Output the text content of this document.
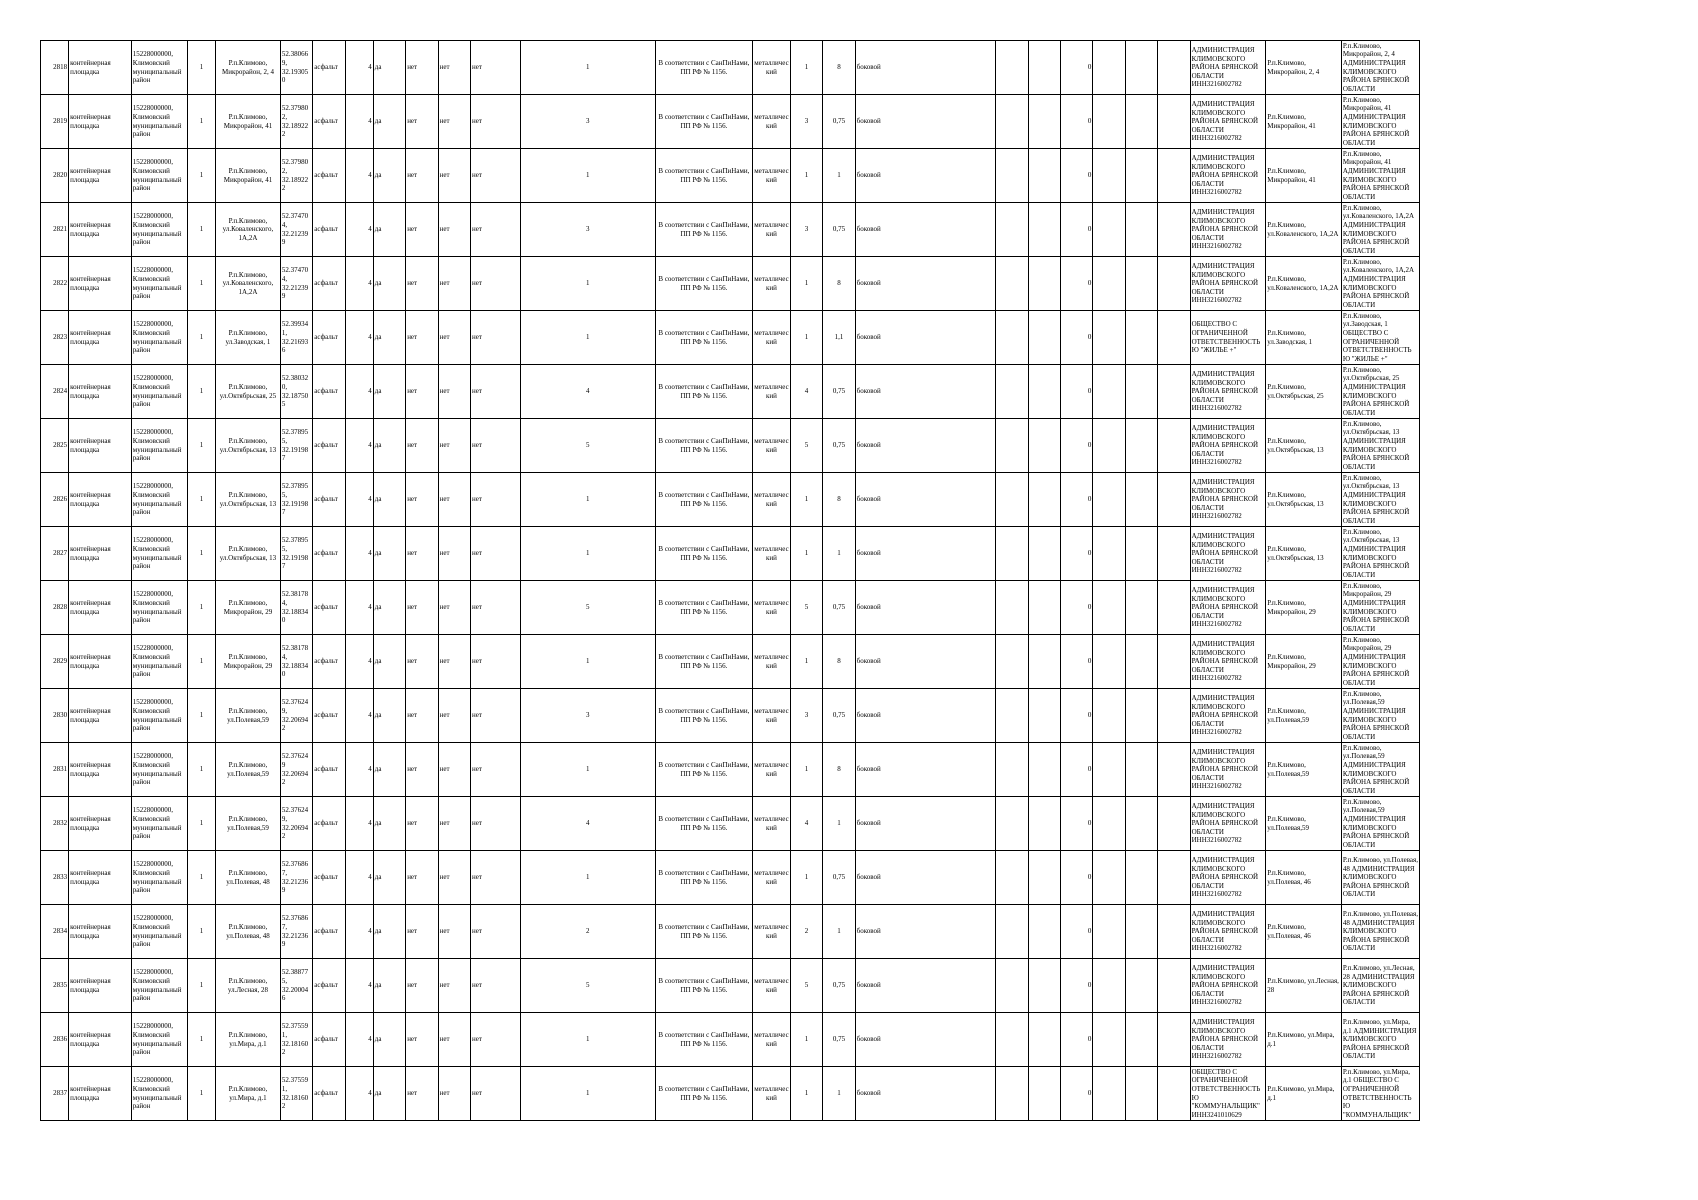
2818	контейнерная площадка	15228000000, Климовский муниципальный район	1	Р.п.Климово, Микрорайон, 2, 4	52.38066 9, 32.19305 0	асфальт	4	да	нет	нет	нет	1	В соответствии с СанПиНами, ПП РФ № 1156.	металлический	1	8	боковой			0				АДМИНИСТРАЦИЯ КЛИМОВСКОГО РАЙОНА БРЯНСКОЙ ОБЛАСТИ ИНН3216002782	Р.п.Климово, Микрорайон, 2, 4	Р.п.Климово, Микрорайон, 2, 4 АДМИНИСТРАЦИЯ КЛИМОВСКОГО РАЙОНА БРЯНСКОЙ ОБЛАСТИ
2819	контейнерная площадка	15228000000, Климовский муниципальный район	1	Р.п.Климово, Микрорайон, 41	52.37980 2, 32.18922 2	асфальт	4	да	нет	нет	нет	3	В соответствии с СанПиНами, ПП РФ № 1156.	металлический	3	0,75	боковой			0				АДМИНИСТРАЦИЯ КЛИМОВСКОГО РАЙОНА БРЯНСКОЙ ОБЛАСТИ ИНН3216002782	Р.п.Климово, Микрорайон, 41	Р.п.Климово, Микрорайон, 41 АДМИНИСТРАЦИЯ КЛИМОВСКОГО РАЙОНА БРЯНСКОЙ ОБЛАСТИ
2820	контейнерная площадка	15228000000, Климовский муниципальный район	1	Р.п.Климово, Микрорайон, 41	52.37980 2, 32.18922 2	асфальт	4	да	нет	нет	нет	1	В соответствии с СанПиНами, ПП РФ № 1156.	металлический	1	1	боковой			0				АДМИНИСТРАЦИЯ КЛИМОВСКОГО РАЙОНА БРЯНСКОЙ ОБЛАСТИ ИНН3216002782	Р.п.Климово, Микрорайон, 41	Р.п.Климово, Микрорайон, 41 АДМИНИСТРАЦИЯ КЛИМОВСКОГО РАЙОНА БРЯНСКОЙ ОБЛАСТИ
2821	контейнерная площадка	15228000000, Климовский муниципальный район	1	Р.п.Климово, ул.Коваленского, 1А,2А	52.37470 4, 32.21239 9	асфальт	4	да	нет	нет	нет	3	В соответствии с СанПиНами, ПП РФ № 1156.	металлический	3	0,75	боковой			0				АДМИНИСТРАЦИЯ КЛИМОВСКОГО РАЙОНА БРЯНСКОЙ ОБЛАСТИ ИНН3216002782	Р.п.Климово, ул.Коваленского, 1А,2А	Р.п.Климово, ул.Коваленского, 1А,2А АДМИНИСТРАЦИЯ КЛИМОВСКОГО РАЙОНА БРЯНСКОЙ ОБЛАСТИ
2822	контейнерная площадка	15228000000, Климовский муниципальный район	1	Р.п.Климово, ул.Коваленского, 1А,2А	52.37470 4, 32.21239 9	асфальт	4	да	нет	нет	нет	1	В соответствии с СанПиНами, ПП РФ № 1156.	металлический	1	8	боковой			0				АДМИНИСТРАЦИЯ КЛИМОВСКОГО РАЙОНА БРЯНСКОЙ ОБЛАСТИ ИНН3216002782	Р.п.Климово, ул.Коваленского, 1А,2А	Р.п.Климово, ул.Коваленского, 1А,2А АДМИНИСТРАЦИЯ КЛИМОВСКОГО РАЙОНА БРЯНСКОЙ ОБЛАСТИ
2823	контейнерная площадка	15228000000, Климовский муниципальный район	1	Р.п.Климово, ул.Заводская, 1	52.39934 1, 32.21693 6	асфальт	4	да	нет	нет	нет	1	В соответствии с СанПиНами, ПП РФ № 1156.	металлический	1	1,1	боковой			0				ОБЩЕСТВО С ОГРАНИЧЕННОЙ ОТВЕТСТВЕННОСТЬЮ "ЖИЛЬЕ +"	Р.п.Климово, ул.Заводская, 1	Р.п.Климово, ул.Заводская, 1 ОБЩЕСТВО С ОГРАНИЧЕННОЙ ОТВЕТСТВЕННОСТЬЮ "ЖИЛЬЕ +"
2824	контейнерная площадка	15228000000, Климовский муниципальный район	1	Р.п.Климово, ул.Октябрьская, 25	52.38032 0, 32.18750 5	асфальт	4	да	нет	нет	нет	4	В соответствии с СанПиНами, ПП РФ № 1156.	металлический	4	0,75	боковой			0				АДМИНИСТРАЦИЯ КЛИМОВСКОГО РАЙОНА БРЯНСКОЙ ОБЛАСТИ ИНН3216002782	Р.п.Климово, ул.Октябрьская, 25	Р.п.Климово, ул.Октябрьская, 25 АДМИНИСТРАЦИЯ КЛИМОВСКОГО РАЙОНА БРЯНСКОЙ ОБЛАСТИ
2825	контейнерная площадка	15228000000, Климовский муниципальный район	1	Р.п.Климово, ул.Октябрьская, 13	52.37895 5, 32.19198 7	асфальт	4	да	нет	нет	нет	5	В соответствии с СанПиНами, ПП РФ № 1156.	металлический	5	0,75	боковой			0				АДМИНИСТРАЦИЯ КЛИМОВСКОГО РАЙОНА БРЯНСКОЙ ОБЛАСТИ ИНН3216002782	Р.п.Климово, ул.Октябрьская, 13	Р.п.Климово, ул.Октябрьская, 13 АДМИНИСТРАЦИЯ КЛИМОВСКОГО РАЙОНА БРЯНСКОЙ ОБЛАСТИ
2826	контейнерная площадка	15228000000, Климовский муниципальный район	1	Р.п.Климово, ул.Октябрьская, 13	52.37895 5, 32.19198 7	асфальт	4	да	нет	нет	нет	1	В соответствии с СанПиНами, ПП РФ № 1156.	металлический	1	8	боковой			0				АДМИНИСТРАЦИЯ КЛИМОВСКОГО РАЙОНА БРЯНСКОЙ ОБЛАСТИ ИНН3216002782	Р.п.Климово, ул.Октябрьская, 13	Р.п.Климово, ул.Октябрьская, 13 АДМИНИСТРАЦИЯ КЛИМОВСКОГО РАЙОНА БРЯНСКОЙ ОБЛАСТИ
2827	контейнерная площадка	15228000000, Климовский муниципальный район	1	Р.п.Климово, ул.Октябрьская, 13	52.37895 5, 32.19198 7	асфальт	4	да	нет	нет	нет	1	В соответствии с СанПиНами, ПП РФ № 1156.	металлический	1	1	боковой			0				АДМИНИСТРАЦИЯ КЛИМОВСКОГО РАЙОНА БРЯНСКОЙ ОБЛАСТИ ИНН3216002782	Р.п.Климово, ул.Октябрьская, 13	Р.п.Климово, ул.Октябрьская, 13 АДМИНИСТРАЦИЯ КЛИМОВСКОГО РАЙОНА БРЯНСКОЙ ОБЛАСТИ
2828	контейнерная площадка	15228000000, Климовский муниципальный район	1	Р.п.Климово, Микрорайон, 29	52.38178 4, 32.18834 0	асфальт	4	да	нет	нет	нет	5	В соответствии с СанПиНами, ПП РФ № 1156.	металлический	5	0,75	боковой			0				АДМИНИСТРАЦИЯ КЛИМОВСКОГО РАЙОНА БРЯНСКОЙ ОБЛАСТИ ИНН3216002782	Р.п.Климово, Микрорайон, 29	Р.п.Климово, Микрорайон, 29 АДМИНИСТРАЦИЯ КЛИМОВСКОГО РАЙОНА БРЯНСКОЙ ОБЛАСТИ
2829	контейнерная площадка	15228000000, Климовский муниципальный район	1	Р.п.Климово, Микрорайон, 29	52.38178 4, 32.18834 0	асфальт	4	да	нет	нет	нет	1	В соответствии с СанПиНами, ПП РФ № 1156.	металлический	1	8	боковой			0				АДМИНИСТРАЦИЯ КЛИМОВСКОГО РАЙОНА БРЯНСКОЙ ОБЛАСТИ ИНН3216002782	Р.п.Климово, Микрорайон, 29	Р.п.Климово, Микрорайон, 29 АДМИНИСТРАЦИЯ КЛИМОВСКОГО РАЙОНА БРЯНСКОЙ ОБЛАСТИ
2830	контейнерная площадка	15228000000, Климовский муниципальный район	1	Р.п.Климово, ул.Полевая,59	52.37624 9, 32.20694 2	асфальт	4	да	нет	нет	нет	3	В соответствии с СанПиНами, ПП РФ № 1156.	металлический	3	0,75	боковой			0				АДМИНИСТРАЦИЯ КЛИМОВСКОГО РАЙОНА БРЯНСКОЙ ОБЛАСТИ ИНН3216002782	Р.п.Климово, ул.Полевая,59	Р.п.Климово, ул.Полевая,59 АДМИНИСТРАЦИЯ КЛИМОВСКОГО РАЙОНА БРЯНСКОЙ ОБЛАСТИ
2831	контейнерная площадка	15228000000, Климовский муниципальный район	1	Р.п.Климово, ул.Полевая,59	52.37624 9 32.20694 2	асфальт	4	да	нет	нет	нет	1	В соответствии с СанПиНами, ПП РФ № 1156.	металлический	1	8	боковой			0				АДМИНИСТРАЦИЯ КЛИМОВСКОГО РАЙОНА БРЯНСКОЙ ОБЛАСТИ ИНН3216002782	Р.п.Климово, ул.Полевая,59	Р.п.Климово, ул.Полевая,59 АДМИНИСТРАЦИЯ КЛИМОВСКОГО РАЙОНА БРЯНСКОЙ ОБЛАСТИ
2832	контейнерная площадка	15228000000, Климовский муниципальный район	1	Р.п.Климово, ул.Полевая,59	52.37624 9, 32.20694 2	асфальт	4	да	нет	нет	нет	4	В соответствии с СанПиНами, ПП РФ № 1156.	металлический	4	1	боковой			0				АДМИНИСТРАЦИЯ КЛИМОВСКОГО РАЙОНА БРЯНСКОЙ ОБЛАСТИ ИНН3216002782	Р.п.Климово, ул.Полевая,59	Р.п.Климово, ул.Полевая,59 АДМИНИСТРАЦИЯ КЛИМОВСКОГО РАЙОНА БРЯНСКОЙ ОБЛАСТИ
2833	контейнерная площадка	15228000000, Климовский муниципальный район	1	Р.п.Климово, ул.Полевая, 48	52.37686 7, 32.21236 9	асфальт	4	да	нет	нет	нет	1	В соответствии с СанПиНами, ПП РФ № 1156.	металлический	1	0,75	боковой			0				АДМИНИСТРАЦИЯ КЛИМОВСКОГО РАЙОНА БРЯНСКОЙ ОБЛАСТИ ИНН3216002782	Р.п.Климово, ул.Полевая, 46	Р.п.Климово, ул.Полевая, 48 АДМИНИСТРАЦИЯ КЛИМОВСКОГО РАЙОНА БРЯНСКОЙ ОБЛАСТИ
2834	контейнерная площадка	15228000000, Климовский муниципальный район	1	Р.п.Климово, ул.Полевая, 48	52.37686 7, 32.21236 9	асфальт	4	да	нет	нет	нет	2	В соответствии с СанПиНами, ПП РФ № 1156.	металлический	2	1	боковой			0				АДМИНИСТРАЦИЯ КЛИМОВСКОГО РАЙОНА БРЯНСКОЙ ОБЛАСТИ ИНН3216002782	Р.п.Климово, ул.Полевая, 46	Р.п.Климово, ул.Полевая, 48 АДМИНИСТРАЦИЯ КЛИМОВСКОГО РАЙОНА БРЯНСКОЙ ОБЛАСТИ
2835	контейнерная площадка	15228000000, Климовский муниципальный район	1	Р.п.Климово, ул.Лесная, 28	52.38877 5, 32.20004 6	асфальт	4	да	нет	нет	нет	5	В соответствии с СанПиНами, ПП РФ № 1156.	металлический	5	0,75	боковой			0				АДМИНИСТРАЦИЯ КЛИМОВСКОГО РАЙОНА БРЯНСКОЙ ОБЛАСТИ ИНН3216002782	Р.п.Климово, ул.Лесная, 28	Р.п.Климово, ул.Лесная, 28 АДМИНИСТРАЦИЯ КЛИМОВСКОГО РАЙОНА БРЯНСКОЙ ОБЛАСТИ
2836	контейнерная площадка	15228000000, Климовский муниципальный район	1	Р.п.Климово, ул.Мира, д.1	52.37559 1, 32.18160 2	асфальт	4	да	нет	нет	нет	1	В соответствии с СанПиНами, ПП РФ № 1156.	металлический	1	0,75	боковой			0				АДМИНИСТРАЦИЯ КЛИМОВСКОГО РАЙОНА БРЯНСКОЙ ОБЛАСТИ ИНН3216002782	Р.п.Климово, ул.Мира, д.1	Р.п.Климово, ул.Мира, д.1 АДМИНИСТРАЦИЯ КЛИМОВСКОГО РАЙОНА БРЯНСКОЙ ОБЛАСТИ
2837	контейнерная площадка	15228000000, Климовский муниципальный район	1	Р.п.Климово, ул.Мира, д.1	52.37559 1, 32.18160 2	асфальт	4	да	нет	нет	нет	1	В соответствии с СанПиНами, ПП РФ № 1156.	металлический	1	1	боковой			0				ОБЩЕСТВО С ОГРАНИЧЕННОЙ ОТВЕТСТВЕННОСТЬЮ "КОММУНАЛЬЩИК" ИНН3241010629	Р.п.Климово, ул.Мира, д.1	Р.п.Климово, ул.Мира, д.1 ОБЩЕСТВО С ОГРАНИЧЕННОЙ ОТВЕТСТВЕННОСТЬЮ "КОММУНАЛЬЩИК"
